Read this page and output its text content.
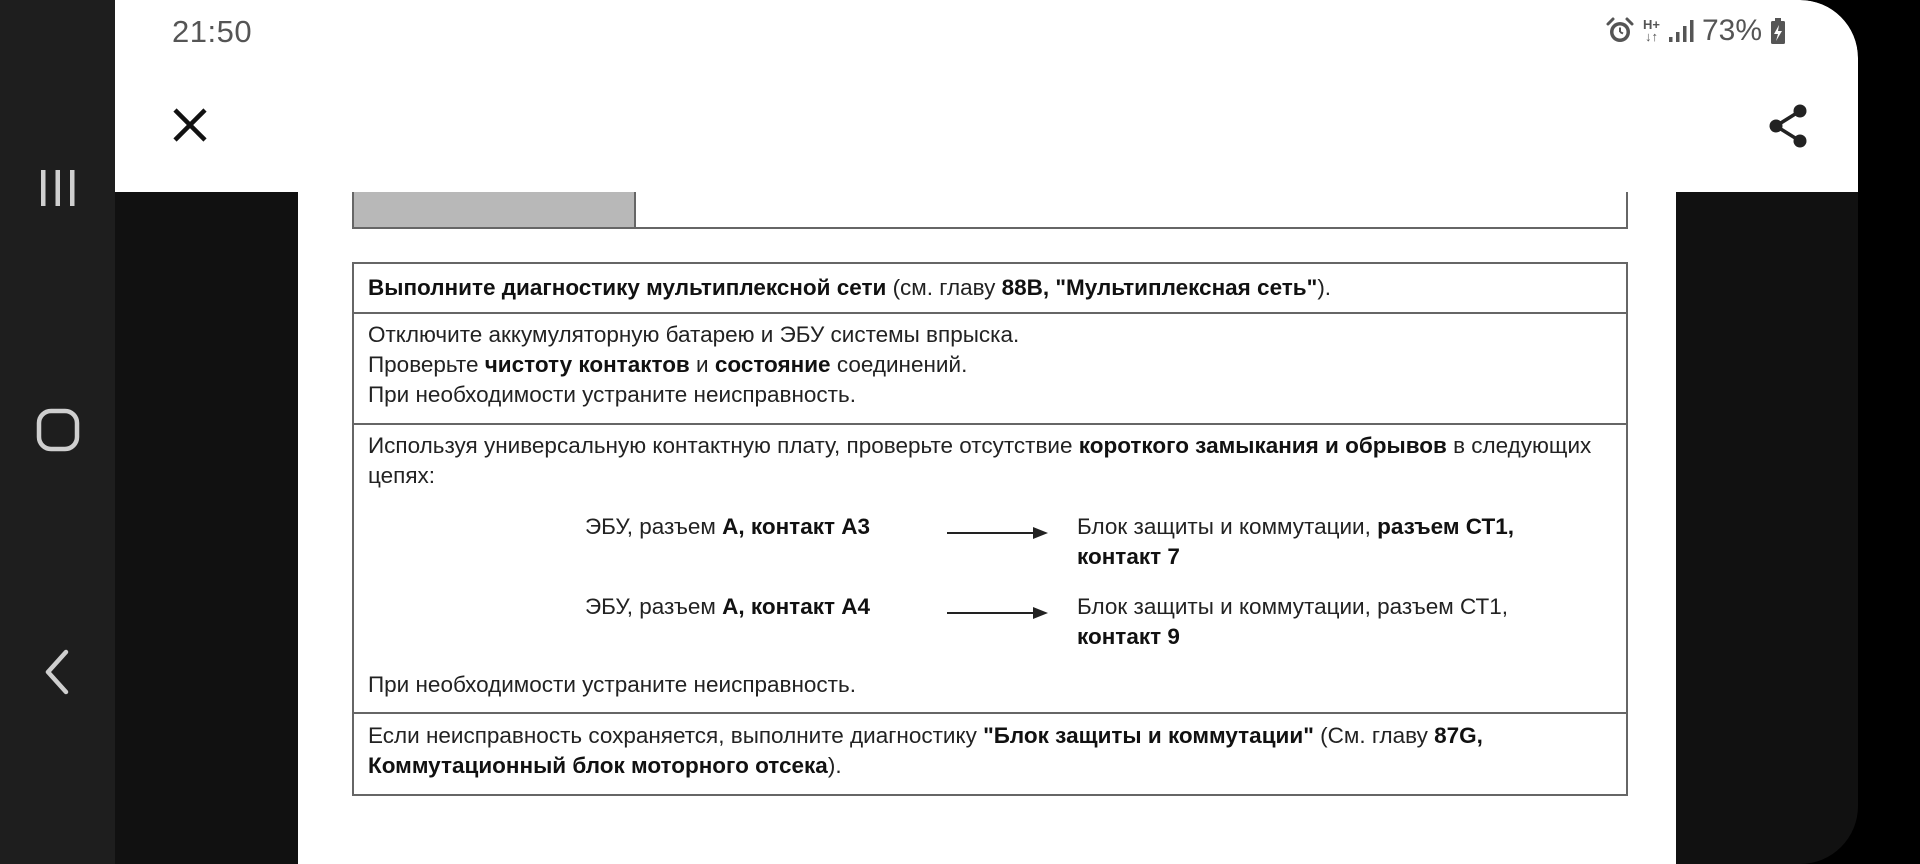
Выполните диагностику мультиплексной сети (см. главу 88B, "Мультиплексная сеть").
Отключите аккумуляторную батарею и ЭБУ системы впрыска.
Проверьте чистоту контактов и состояние соединений.
При необходимости устраните неисправность.
Используя универсальную контактную плату, проверьте отсутствие короткого замыкания и обрывов в следующих цепях:
ЭБУ, разъем А, контакт А3	Блок защиты и коммутации, разъем СТ1, контакт 7
ЭБУ, разъем А, контакт А4	Блок защиты и коммутации, разъем СТ1, контакт 9
При необходимости устраните неисправность.
Если неисправность сохраняется, выполните диагностику "Блок защиты и коммутации" (См. главу 87G, Коммутационный блок моторного отсека).
21:50	H+
↓↑ 73%
